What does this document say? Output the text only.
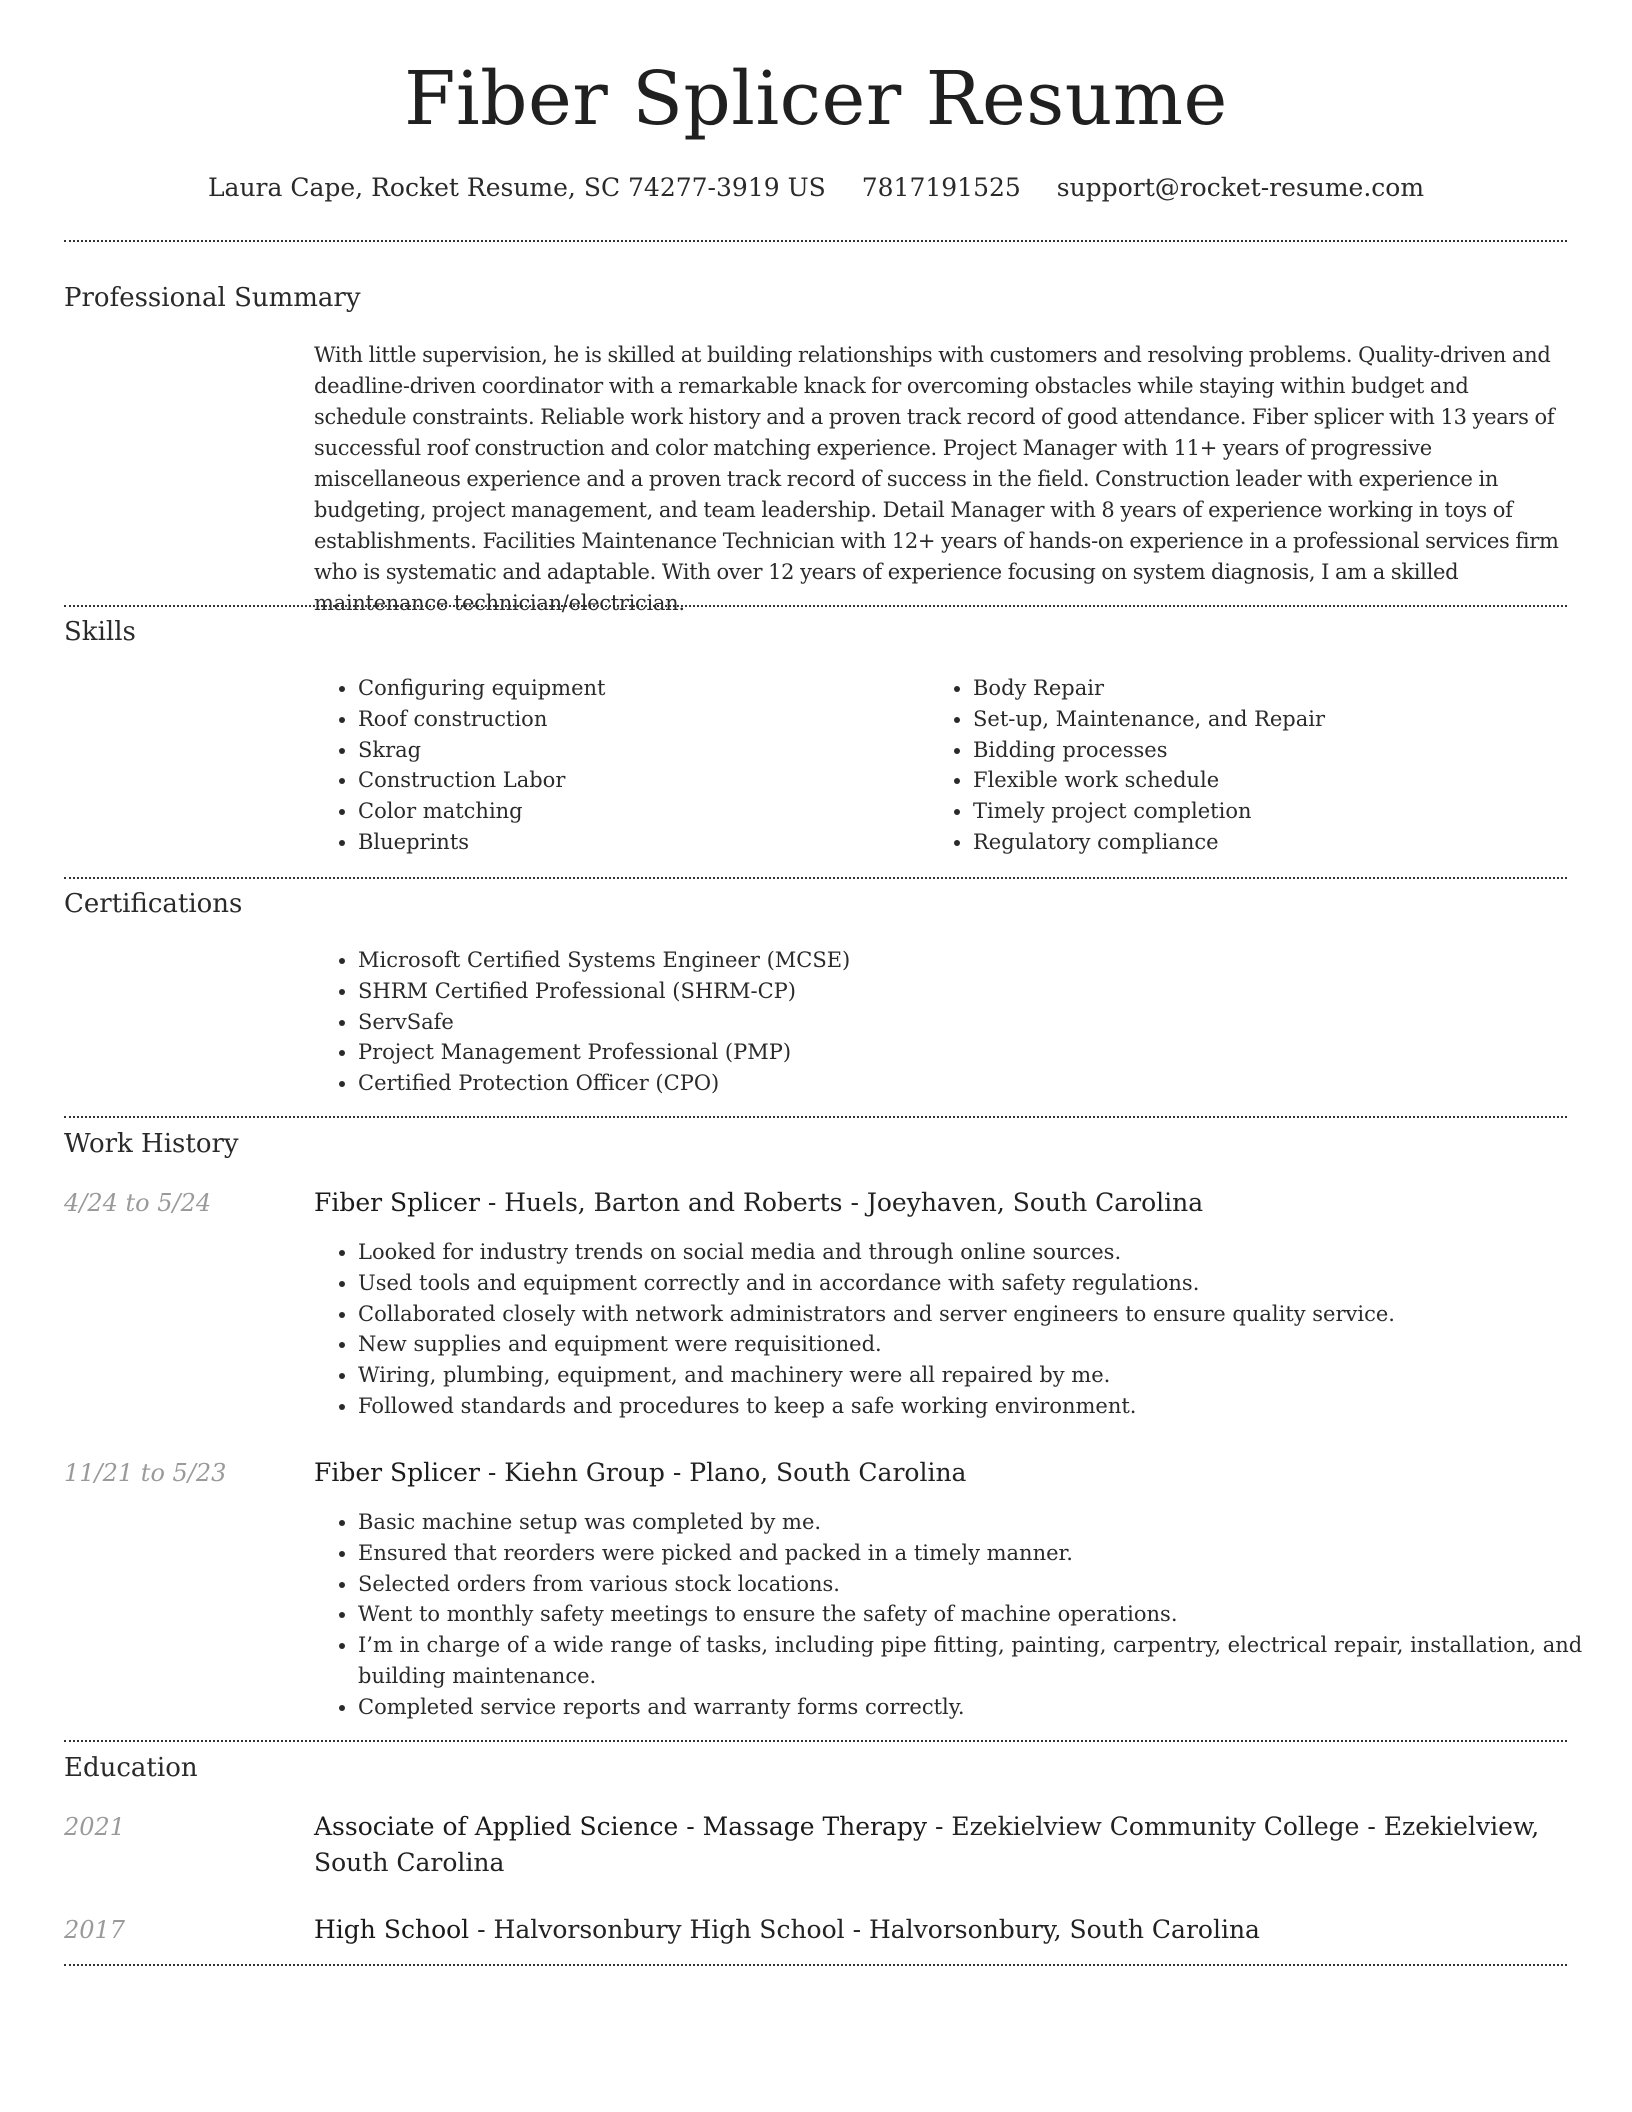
Fiber Splicer Resume
Laura Cape, Rocket Resume, SC 74277-3919 US 7817191525 support@rocket-resume.com
Professional Summary
With little supervision, he is skilled at building relationships with customers and resolving problems. Quality-driven and deadline-driven coordinator with a remarkable knack for overcoming obstacles while staying within budget and schedule constraints. Reliable work history and a proven track record of good attendance. Fiber splicer with 13 years of successful roof construction and color matching experience. Project Manager with 11+ years of progressive miscellaneous experience and a proven track record of success in the field. Construction leader with experience in budgeting, project management, and team leadership. Detail Manager with 8 years of experience working in toys of establishments. Facilities Maintenance Technician with 12+ years of hands-on experience in a professional services firm who is systematic and adaptable. With over 12 years of experience focusing on system diagnosis, I am a skilled maintenance technician/electrician.
Skills
• Configuring equipment
• Roof construction
• Skrag
• Construction Labor
• Color matching
• Blueprints
• Body Repair
• Set-up, Maintenance, and Repair
• Bidding processes
• Flexible work schedule
• Timely project completion
• Regulatory compliance
Certifications
• Microsoft Certified Systems Engineer (MCSE)
• SHRM Certified Professional (SHRM-CP)
• ServSafe
• Project Management Professional (PMP)
• Certified Protection Officer (CPO)
Work History
4/24 to 5/24	Fiber Splicer - Huels, Barton and Roberts - Joeyhaven, South Carolina
• Looked for industry trends on social media and through online sources.
• Used tools and equipment correctly and in accordance with safety regulations.
• Collaborated closely with network administrators and server engineers to ensure quality service.
• New supplies and equipment were requisitioned.
• Wiring, plumbing, equipment, and machinery were all repaired by me.
• Followed standards and procedures to keep a safe working environment.
11/21 to 5/23	Fiber Splicer - Kiehn Group - Plano, South Carolina
• Basic machine setup was completed by me.
• Ensured that reorders were picked and packed in a timely manner.
• Selected orders from various stock locations.
• Went to monthly safety meetings to ensure the safety of machine operations.
• I’m in charge of a wide range of tasks, including pipe fitting, painting, carpentry, electrical repair, installation, and building maintenance.
• Completed service reports and warranty forms correctly.
Education
2021	Associate of Applied Science - Massage Therapy - Ezekielview Community College - Ezekielview, South Carolina
2017	High School - Halvorsonbury High School - Halvorsonbury, South Carolina
